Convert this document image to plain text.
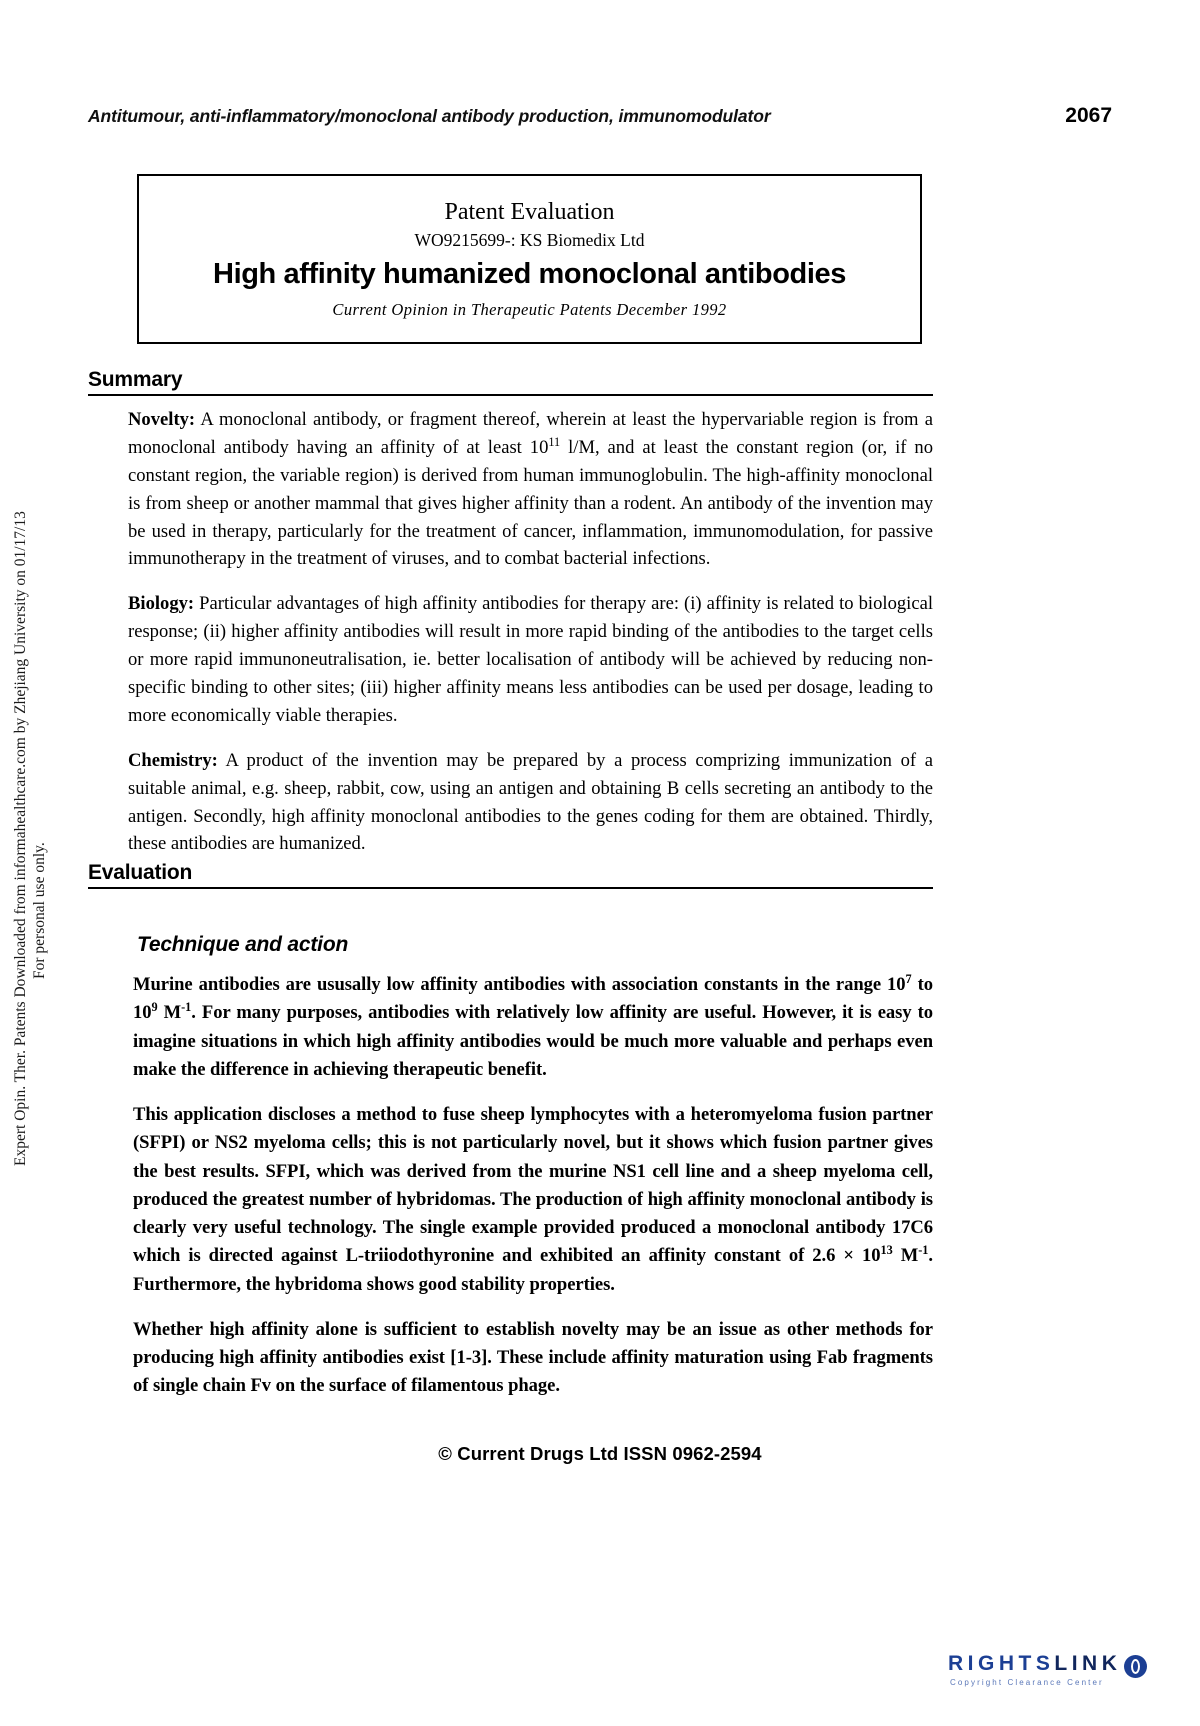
Antitumour, anti-inflammatory/monoclonal antibody production, immunomodulator	2067
Patent Evaluation
WO9215699-: KS Biomedix Ltd
High affinity humanized monoclonal antibodies
Current Opinion in Therapeutic Patents December 1992
Summary

Novelty: A monoclonal antibody, or fragment thereof, wherein at least the hypervariable region is from a monoclonal antibody having an affinity of at least $10^{11}$ l/M, and at least the constant region (or, if no constant region, the variable region) is derived from human immunoglobulin. The high-affinity monoclonal is from sheep or another mammal that gives higher affinity than a rodent. An antibody of the invention may be used in therapy, particularly for the treatment of cancer, inflammation, immunomodulation, for passive immunotherapy in the treatment of viruses, and to combat bacterial infections.

Biology: Particular advantages of high affinity antibodies for therapy are: (i) affinity is related to biological response; (ii) higher affinity antibodies will result in more rapid binding of the antibodies to the target cells or more rapid immunoneutralisation, ie. better localisation of antibody will be achieved by reducing non-specific binding to other sites; (iii) higher affinity means less antibodies can be used per dosage, leading to more economically viable therapies.

Chemistry: A product of the invention may be prepared by a process comprizing immunization of a suitable animal, e.g. sheep, rabbit, cow, using an antigen and obtaining B cells secreting an antibody to the antigen. Secondly, high affinity monoclonal antibodies to the genes coding for them are obtained. Thirdly, these antibodies are humanized.

Evaluation
Technique and action

Murine antibodies are ususally low affinity antibodies with association constants in the range $10^7$ to $10^9$ $M^{-1}$. For many purposes, antibodies with relatively low affinity are useful. However, it is easy to imagine situations in which high affinity antibodies would be much more valuable and perhaps even make the difference in achieving therapeutic benefit.

This application discloses a method to fuse sheep lymphocytes with a heteromyeloma fusion partner (SFPI) or NS2 myeloma cells; this is not particularly novel, but it shows which fusion partner gives the best results. SFPI, which was derived from the murine NS1 cell line and a sheep myeloma cell, produced the greatest number of hybridomas. The production of high affinity monoclonal antibody is clearly very useful technology. The single example provided produced a monoclonal antibody 17C6 which is directed against L-triiodothyronine and exhibited an affinity constant of $2.6 \times 10^{13}$ $M^{-1}$. Furthermore, the hybridoma shows good stability properties.

Whether high affinity alone is sufficient to establish novelty may be an issue as other methods for producing high affinity antibodies exist [1-3]. These include affinity maturation using Fab fragments of single chain Fv on the surface of filamentous phage.

© Current Drugs Ltd ISSN 0962-2594
Expert Opin. Ther. Patents Downloaded from informahealthcare.com by Zhejiang University on 01/17/13 For personal use only.
R I G H T S L I N K
Copyright Clearance Center
